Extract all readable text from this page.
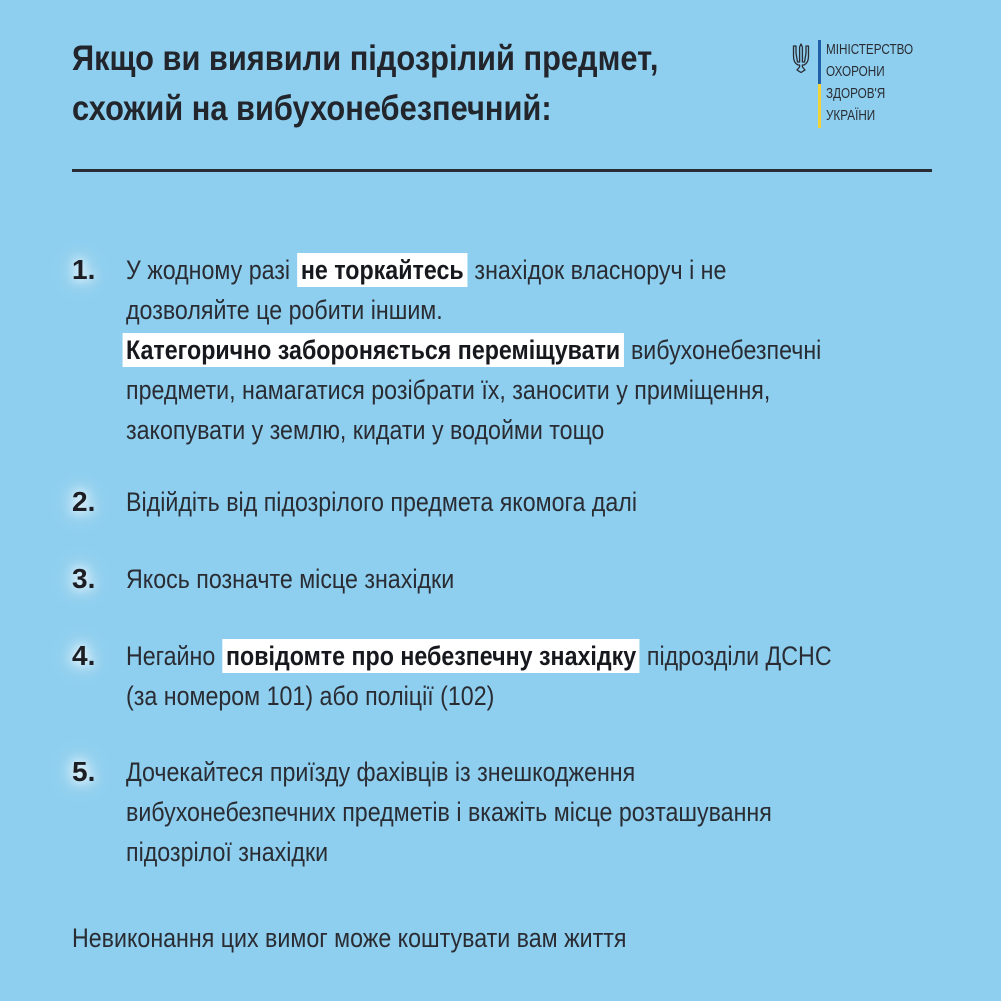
Якщо ви виявили підозрілий предмет,
схожий на вибухонебезпечний:
МІНІСТЕРСТВО
ОХОРОНИ
ЗДОРОВ'Я
УКРАЇНИ
1.	У жодному разі не торкайтесь знахідок власноруч і не
дозволяйте це робити іншим.
Категорично забороняється переміщувати вибухонебезпечні
предмети, намагатися розібрати їх, заносити у приміщення,
закопувати у землю, кидати у водойми тощо
2.	Відійдіть від підозрілого предмета якомога далі
3.	Якось позначте місце знахідки
4.	Негайно повідомте про небезпечну знахідку підрозділи ДСНС
(за номером 101) або поліції (102)
5.	Дочекайтеся приїзду фахівців із знешкодження
вибухонебезпечних предметів і вкажіть місце розташування
підозрілої знахідки
Невиконання цих вимог може коштувати вам життя
